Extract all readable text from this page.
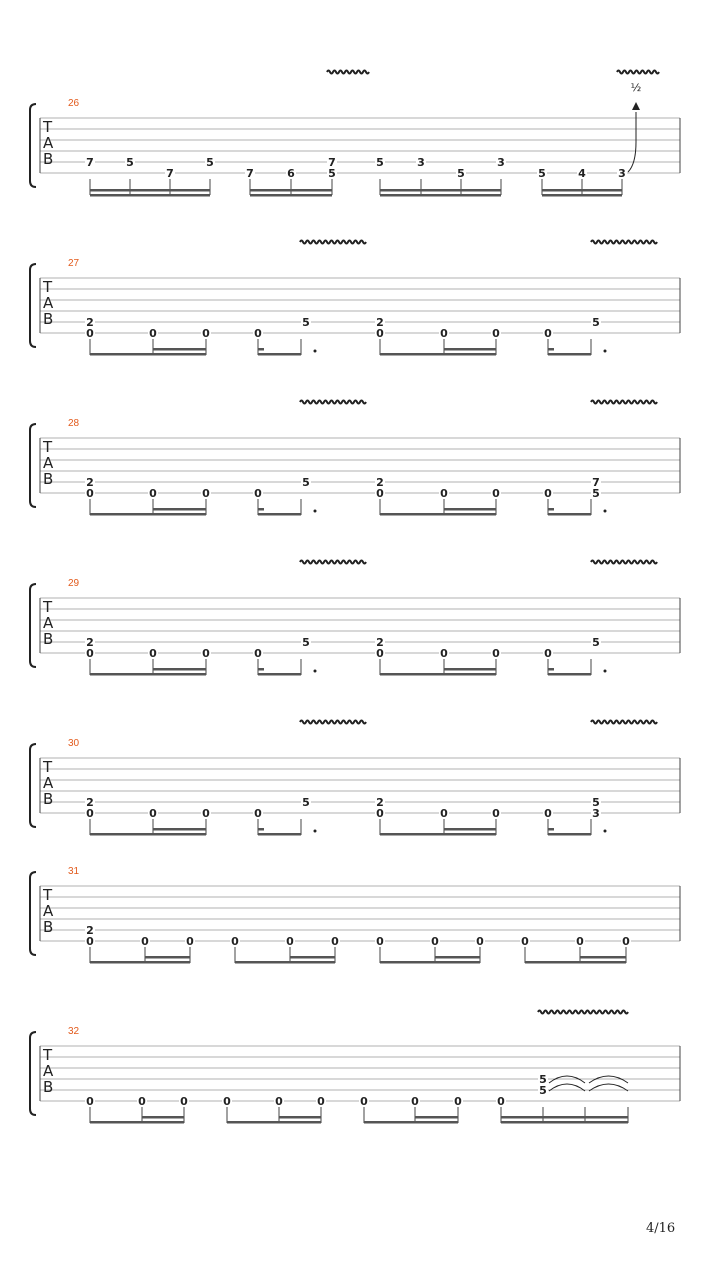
T
A
B
26
7	5
7
5
7	6
7
5
5	3
5
3
5	4	3
½
T
A
B
27
2
0	0	0	0
5	2
0	0	0	0
5
T
A
B
28
2
0	0	0	0
5	2
0	0	0	0
7
5
T
A
B
29
2
0	0	0	0
5	2
0	0	0	0
5
T
A
B
30
2
0	0	0	0
5	2
0	0	0	0
5
3
T
A
B
31
2
0	0	0	0	0	0	0	0	0	0	0	0
T
A
B
32
0	0	0	0	0	0	0	0	0	0
5
5
4/16
